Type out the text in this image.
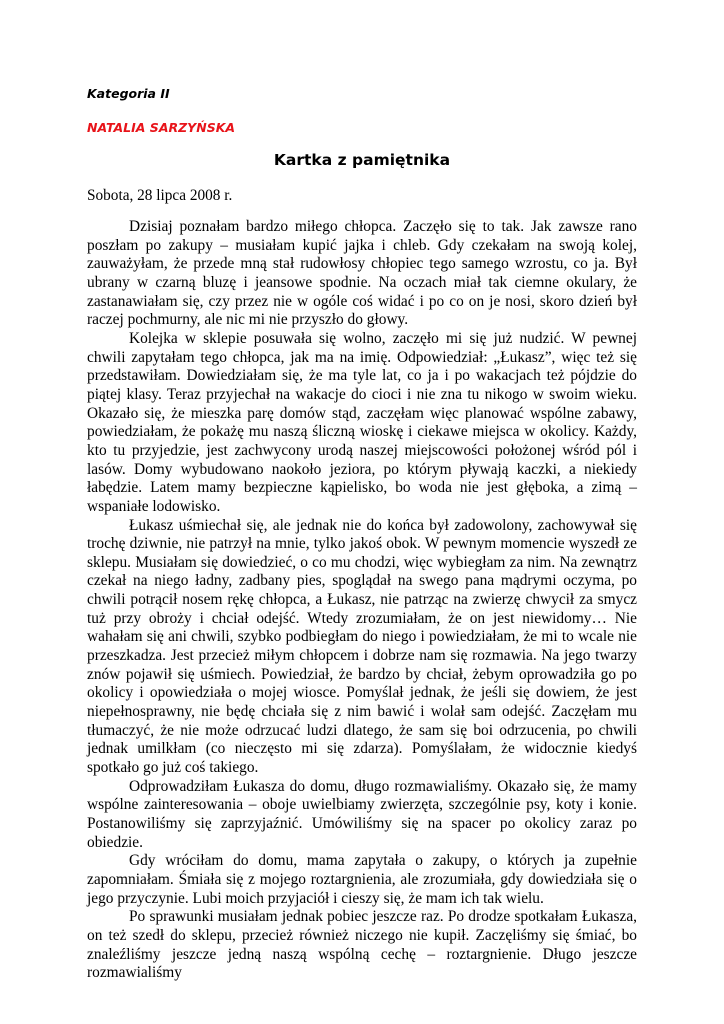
Kategoria II
NATALIA SARZYŃSKA
Kartka z pamiętnika
Sobota, 28 lipca 2008 r.

Dzisiaj poznałam bardzo miłego chłopca. Zaczęło się to tak. Jak zawsze rano poszłam po zakupy – musiałam kupić jajka i chleb. Gdy czekałam na swoją kolej, zauważyłam, że przede mną stał rudowłosy chłopiec tego samego wzrostu, co ja. Był ubrany w czarną bluzę i jeansowe spodnie. Na oczach miał tak ciemne okulary, że zastanawiałam się, czy przez nie w ogóle coś widać i po co on je nosi, skoro dzień był raczej pochmurny, ale nic mi nie przyszło do głowy.

Kolejka w sklepie posuwała się wolno, zaczęło mi się już nudzić. W pewnej chwili zapytałam tego chłopca, jak ma na imię. Odpowiedział: „Łukasz”, więc też się przedstawiłam. Dowiedziałam się, że ma tyle lat, co ja i po wakacjach też pójdzie do piątej klasy. Teraz przyjechał na wakacje do cioci i nie zna tu nikogo w swoim wieku. Okazało się, że mieszka parę domów stąd, zaczęłam więc planować wspólne zabawy, powiedziałam, że pokażę mu naszą śliczną wioskę i ciekawe miejsca w okolicy. Każdy, kto tu przyjedzie, jest zachwycony urodą naszej miejscowości położonej wśród pól i lasów. Domy wybudowano naokoło jeziora, po którym pływają kaczki, a niekiedy łabędzie. Latem mamy bezpieczne kąpielisko, bo woda nie jest głęboka, a zimą – wspaniałe lodowisko.

Łukasz uśmiechał się, ale jednak nie do końca był zadowolony, zachowywał się trochę dziwnie, nie patrzył na mnie, tylko jakoś obok. W pewnym momencie wyszedł ze sklepu. Musiałam się dowiedzieć, o co mu chodzi, więc wybiegłam za nim. Na zewnątrz czekał na niego ładny, zadbany pies, spoglądał na swego pana mądrymi oczyma, po chwili potrącił nosem rękę chłopca, a Łukasz, nie patrząc na zwierzę chwycił za smycz tuż przy obroży i chciał odejść. Wtedy zrozumiałam, że on jest niewidomy… Nie wahałam się ani chwili, szybko podbiegłam do niego i powiedziałam, że mi to wcale nie przeszkadza. Jest przecież miłym chłopcem i dobrze nam się rozmawia. Na jego twarzy znów pojawił się uśmiech. Powiedział, że bardzo by chciał, żebym oprowadziła go po okolicy i opowiedziała o mojej wiosce. Pomyślał jednak, że jeśli się dowiem, że jest niepełnosprawny, nie będę chciała się z nim bawić i wolał sam odejść. Zaczęłam mu tłumaczyć, że nie może odrzucać ludzi dlatego, że sam się boi odrzucenia, po chwili jednak umilkłam (co nieczęsto mi się zdarza). Pomyślałam, że widocznie kiedyś spotkało go już coś takiego.

Odprowadziłam Łukasza do domu, długo rozmawialiśmy. Okazało się, że mamy wspólne zainteresowania – oboje uwielbiamy zwierzęta, szczególnie psy, koty i konie. Postanowiliśmy się zaprzyjaźnić. Umówiliśmy się na spacer po okolicy zaraz po obiedzie.

Gdy wróciłam do domu, mama zapytała o zakupy, o których ja zupełnie zapomniałam. Śmiała się z mojego roztargnienia, ale zrozumiała, gdy dowiedziała się o jego przyczynie. Lubi moich przyjaciół i cieszy się, że mam ich tak wielu.

Po sprawunki musiałam jednak pobiec jeszcze raz. Po drodze spotkałam Łukasza, on też szedł do sklepu, przecież również niczego nie kupił. Zaczęliśmy się śmiać, bo znaleźliśmy jeszcze jedną naszą wspólną cechę – roztargnienie. Długo jeszcze rozmawialiśmy
